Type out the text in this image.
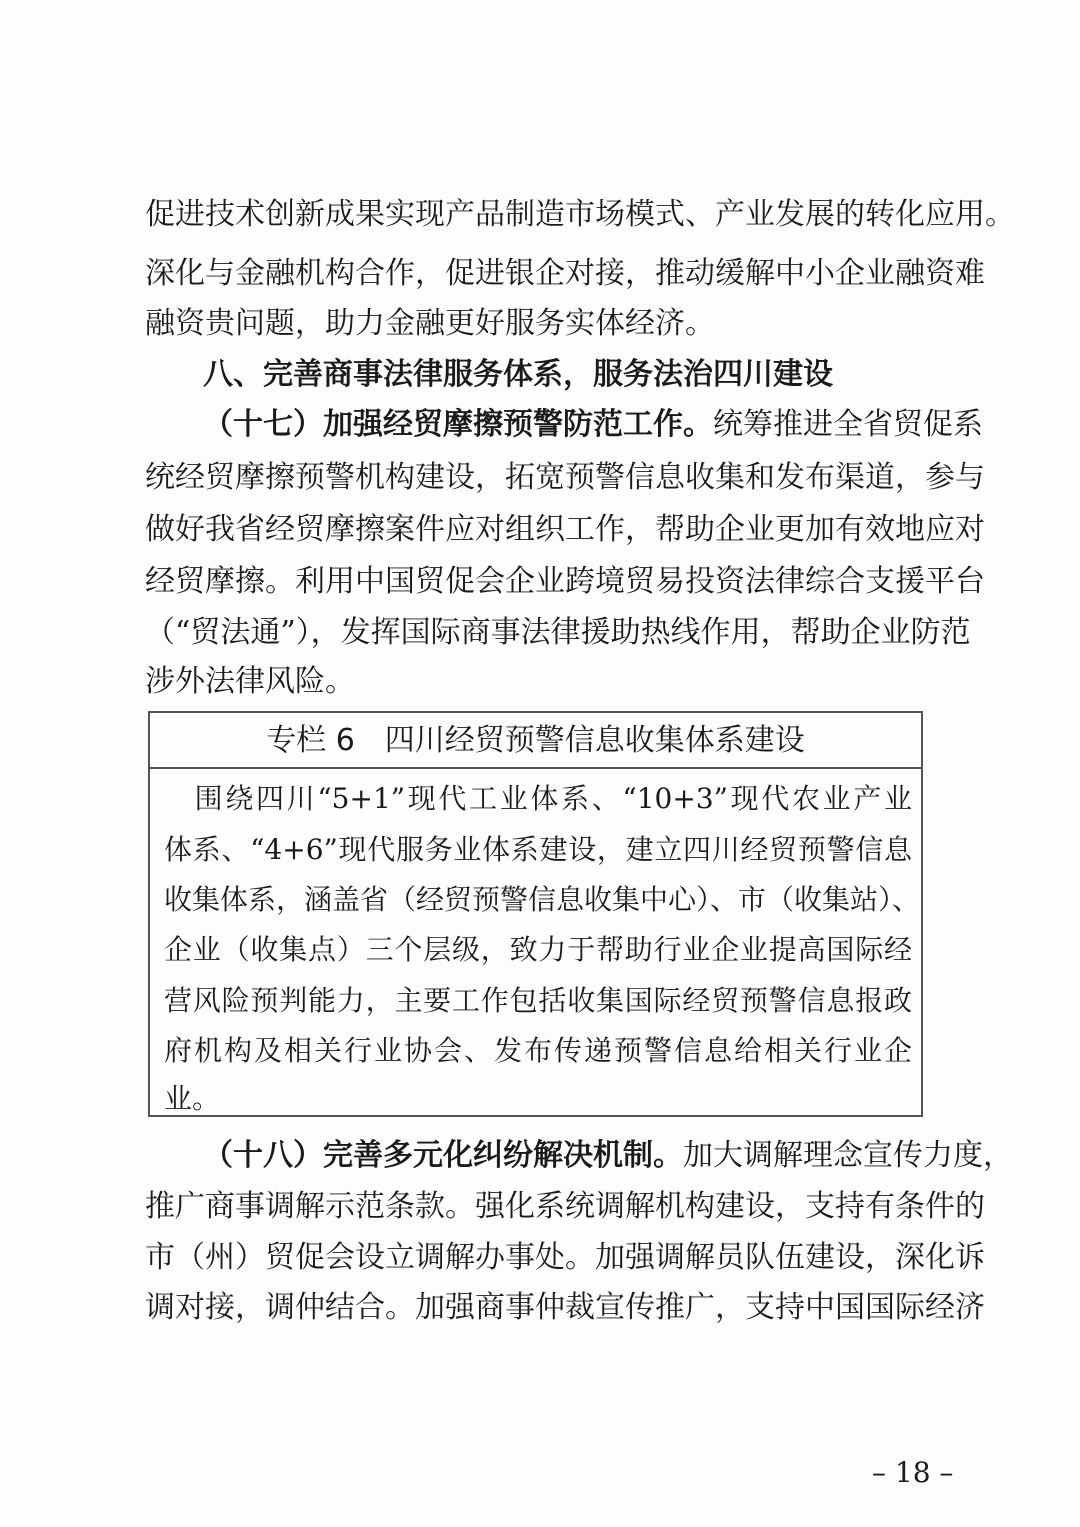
促进技术创新成果实现产品制造市场模式、产业发展的转化应用。
深化与金融机构合作，促进银企对接，推动缓解中小企业融资难
融资贵问题，助力金融更好服务实体经济。
八、完善商事法律服务体系，服务法治四川建设
（十七）加强经贸摩擦预警防范工作。统筹推进全省贸促系
统经贸摩擦预警机构建设，拓宽预警信息收集和发布渠道，参与
做好我省经贸摩擦案件应对组织工作，帮助企业更加有效地应对
经贸摩擦。利用中国贸促会企业跨境贸易投资法律综合支援平台
（“贸法通”），发挥国际商事法律援助热线作用，帮助企业防范
涉外法律风险。
专栏 6　四川经贸预警信息收集体系建设
　围绕四川“5+1”现代工业体系、“10+3”现代农业产业
体系、“4+6”现代服务业体系建设，建立四川经贸预警信息
收集体系，涵盖省（经贸预警信息收集中心）、市（收集站）、
企业（收集点）三个层级，致力于帮助行业企业提高国际经
营风险预判能力，主要工作包括收集国际经贸预警信息报政
府机构及相关行业协会、发布传递预警信息给相关行业企
业。
（十八）完善多元化纠纷解决机制。加大调解理念宣传力度，
推广商事调解示范条款。强化系统调解机构建设，支持有条件的
市（州）贸促会设立调解办事处。加强调解员队伍建设，深化诉
调对接，调仲结合。加强商事仲裁宣传推广，支持中国国际经济
– 18 –
